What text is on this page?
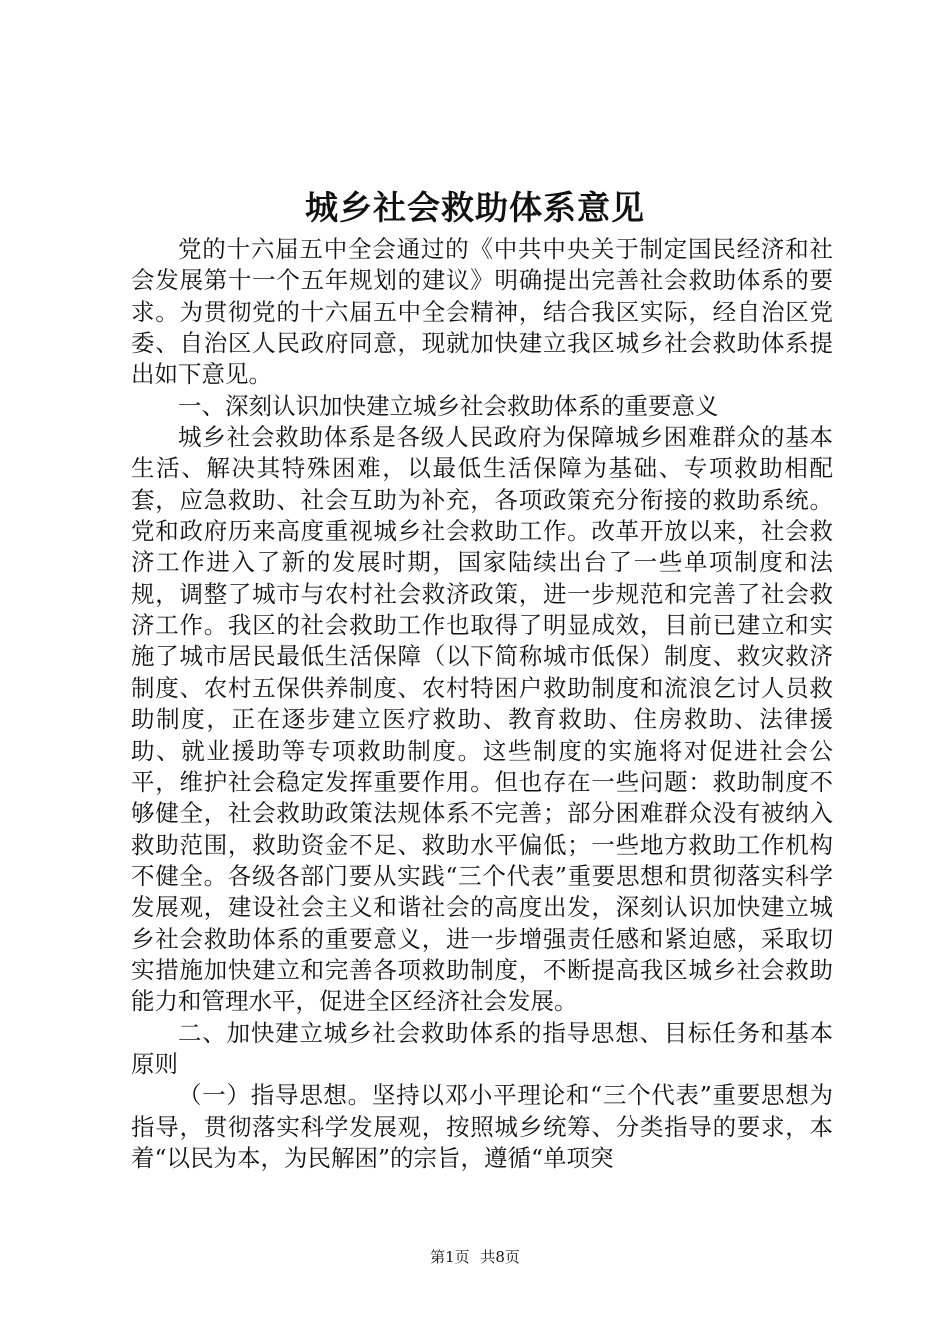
城乡社会救助体系意见

党的十六届五中全会通过的《中共中央关于制定国民经济和社会发展第十一个五年规划的建议》明确提出完善社会救助体系的要求。为贯彻党的十六届五中全会精神，结合我区实际，经自治区党委、自治区人民政府同意，现就加快建立我区城乡社会救助体系提出如下意见。

一、深刻认识加快建立城乡社会救助体系的重要意义

城乡社会救助体系是各级人民政府为保障城乡困难群众的基本生活、解决其特殊困难，以最低生活保障为基础、专项救助相配套，应急救助、社会互助为补充，各项政策充分衔接的救助系统。党和政府历来高度重视城乡社会救助工作。改革开放以来，社会救济工作进入了新的发展时期，国家陆续出台了一些单项制度和法规，调整了城市与农村社会救济政策，进一步规范和完善了社会救济工作。我区的社会救助工作也取得了明显成效，目前已建立和实施了城市居民最低生活保障（以下简称城市低保）制度、救灾救济制度、农村五保供养制度、农村特困户救助制度和流浪乞讨人员救助制度，正在逐步建立医疗救助、教育救助、住房救助、法律援助、就业援助等专项救助制度。这些制度的实施将对促进社会公平，维护社会稳定发挥重要作用。但也存在一些问题：救助制度不够健全，社会救助政策法规体系不完善；部分困难群众没有被纳入救助范围，救助资金不足、救助水平偏低；一些地方救助工作机构不健全。各级各部门要从实践“三个代表”重要思想和贯彻落实科学发展观，建设社会主义和谐社会的高度出发，深刻认识加快建立城乡社会救助体系的重要意义，进一步增强责任感和紧迫感，采取切实措施加快建立和完善各项救助制度，不断提高我区城乡社会救助能力和管理水平，促进全区经济社会发展。

二、加快建立城乡社会救助体系的指导思想、目标任务和基本原则

（一）指导思想。坚持以邓小平理论和“三个代表”重要思想为指导，贯彻落实科学发展观，按照城乡统筹、分类指导的要求，本着“以民为本，为民解困”的宗旨，遵循“单项突

第1页 共8页
